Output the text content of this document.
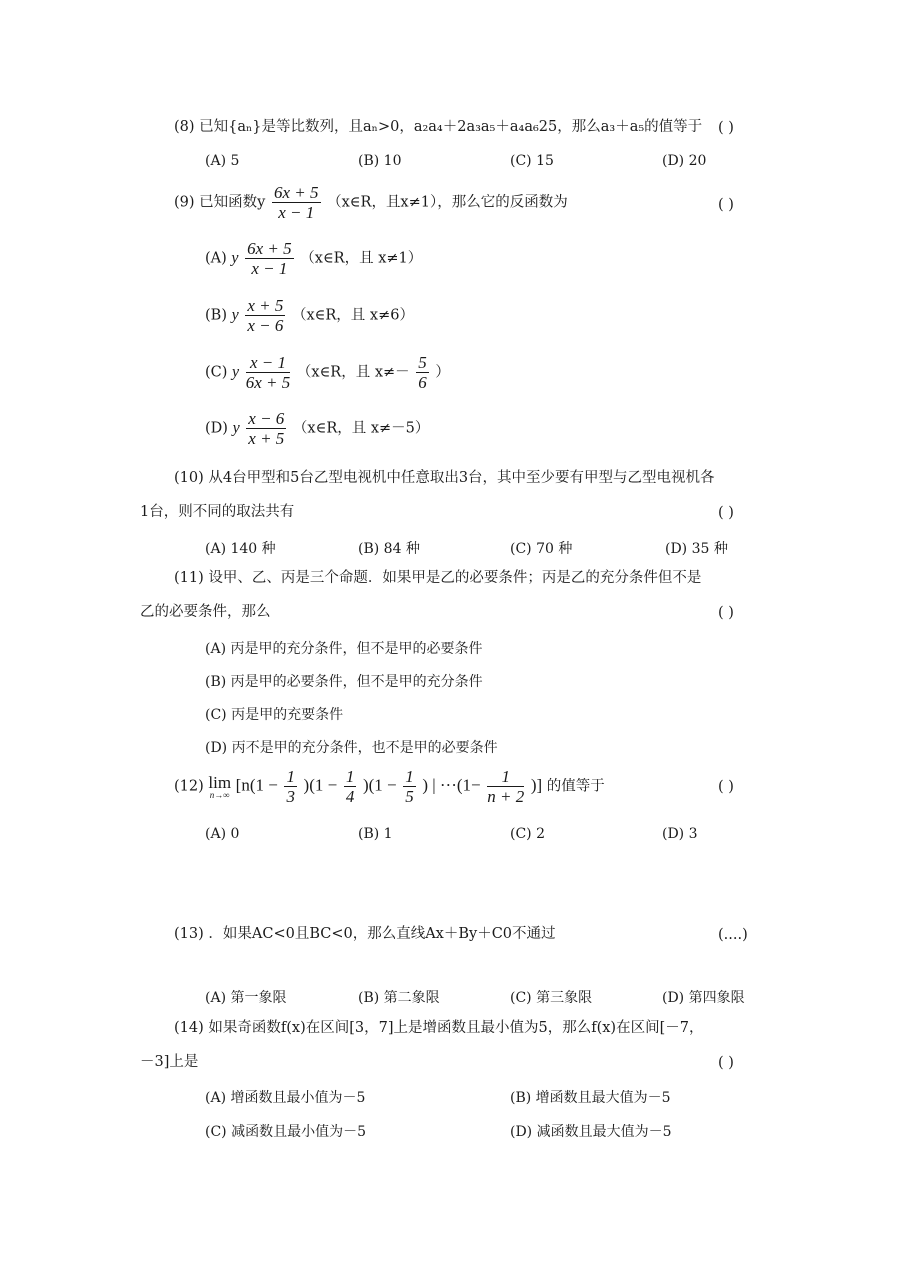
(8) 已知{aₙ}是等比数列，且aₙ>0，a₂a₄＋2a₃a₅＋a₄a₆25，那么a₃＋a₅的值等于 ( )
(A) 5	(B) 10	(C) 15	(D) 20
(9) 已知函数y $\frac{6x + 5}{x - 1}$ （x∈R，且x≠1），那么它的反函数为	( )
(A) y $\frac{6x + 5}{x - 1}$ （x∈R，且 x≠1）
(B) y $\frac{x + 5}{x - 6}$ （x∈R，且 x≠6）
(C) y $\frac{x - 1}{6x + 5}$ （x∈R，且 $x\ne- \frac{5}{6}$ ）
(D) y $\frac{x - 6}{x + 5}$ （x∈R，且 x≠－5）
(10) 从4台甲型和5台乙型电视机中任意取出3台，其中至少要有甲型与乙型电视机各
1台，则不同的取法共有	( )
(A) 140 种	(B) 84 种	(C) 70 种	(D) 35 种
(11) 设甲、乙、丙是三个命题．如果甲是乙的必要条件；丙是乙的充分条件但不是
乙的必要条件，那么	( )
(A) 丙是甲的充分条件，但不是甲的必要条件
(B) 丙是甲的必要条件，但不是甲的充分条件
(C) 丙是甲的充要条件
(D) 丙不是甲的充分条件，也不是甲的必要条件
(12) lim
n→∞ [$n(1 - \frac{1}{3} )(1 - \frac{1}{4} )(1 - \frac{1}{5}$ ) | $\cdot\cdot\cdot(1- \frac{1}{n + 2}$ )] 的值等于	( )
(A) 0	(B) 1	(C) 2	(D) 3
(13) ．如果AC<0且BC<0，那么直线Ax＋By＋C0不通过	(....)
(A) 第一象限	(B) 第二象限	(C) 第三象限	(D) 第四象限
(14) 如果奇函数f(x)在区间[3，7]上是增函数且最小值为5，那么f(x)在区间[－7，
－3]上是	( )
(A) 增函数且最小值为－5	(B) 增函数且最大值为－5
(C) 减函数且最小值为－5	(D) 减函数且最大值为－5
